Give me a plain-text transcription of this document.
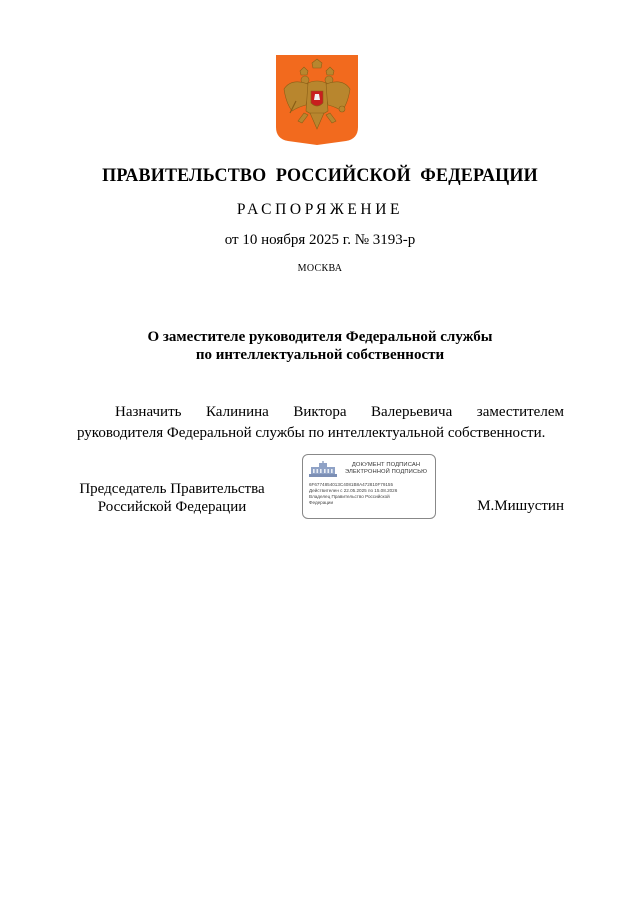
ПРАВИТЕЛЬСТВО РОССИЙСКОЙ ФЕДЕРАЦИИ
РАСПОРЯЖЕНИЕ
от 10 ноября 2025 г. № 3193-р
МОСКВА
О заместителе руководителя Федеральной службы
по интеллектуальной собственности
Назначить Калинина Виктора Валерьевича заместителем
руководителя Федеральной службы по интеллектуальной собственности.
Председатель Правительства
Российской Федерации
ДОКУМЕНТ ПОДПИСАН
ЭЛЕКТРОННОЙ ПОДПИСЬЮ
6F6774854013C4081B8A472810F79155
Действителен с 22.05.2025 по 15.08.2026
Владелец Правительство Российской
Федерации	М.Мишустин
